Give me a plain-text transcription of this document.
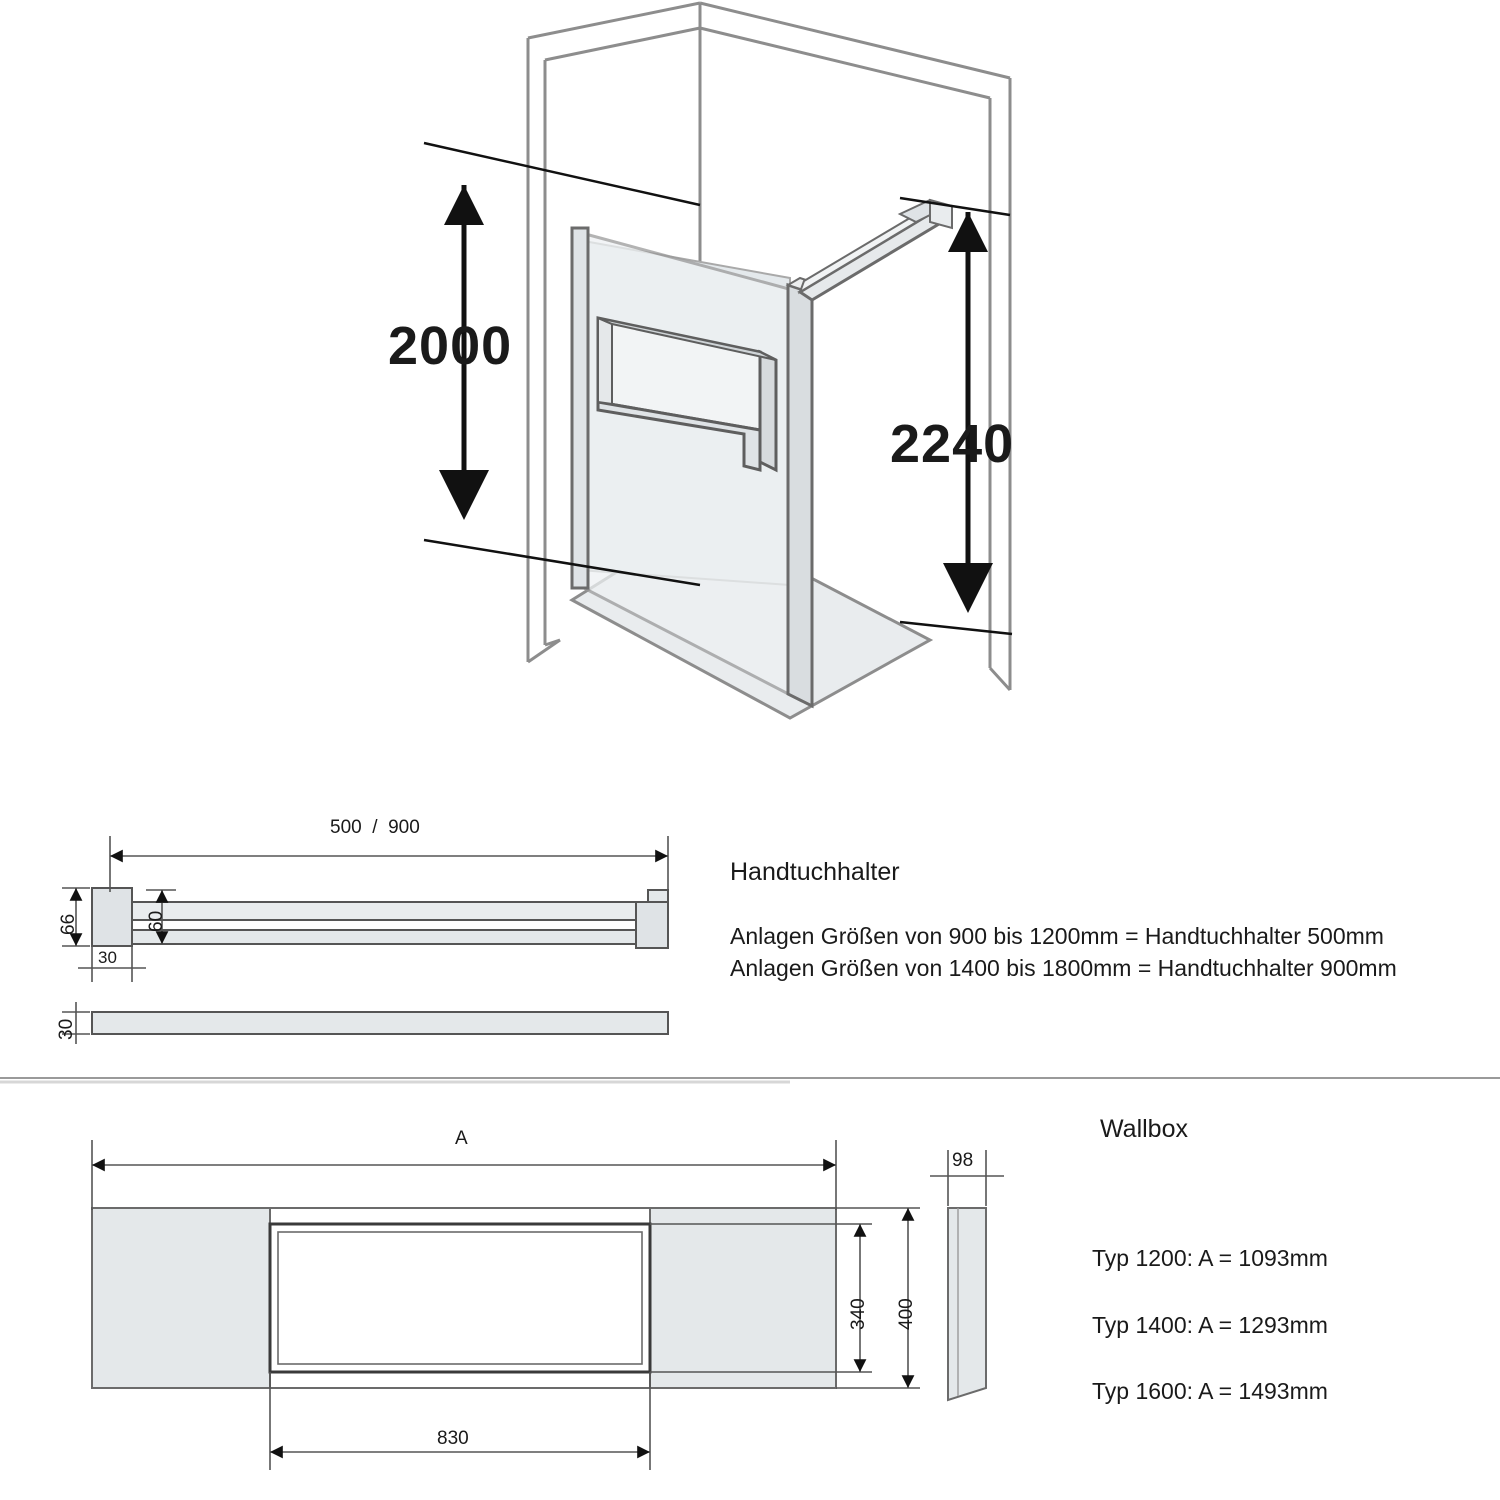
2000
2240
500  /  900
66	60
30
30
Handtuchhalter
Anlagen Größen von 900 bis 1200mm = Handtuchhalter 500mm
Anlagen Größen von 1400 bis 1800mm = Handtuchhalter 900mm
A
98
340 400
830
Wallbox
Typ 1200: A = 1093mm
Typ 1400: A = 1293mm
Typ 1600: A = 1493mm
